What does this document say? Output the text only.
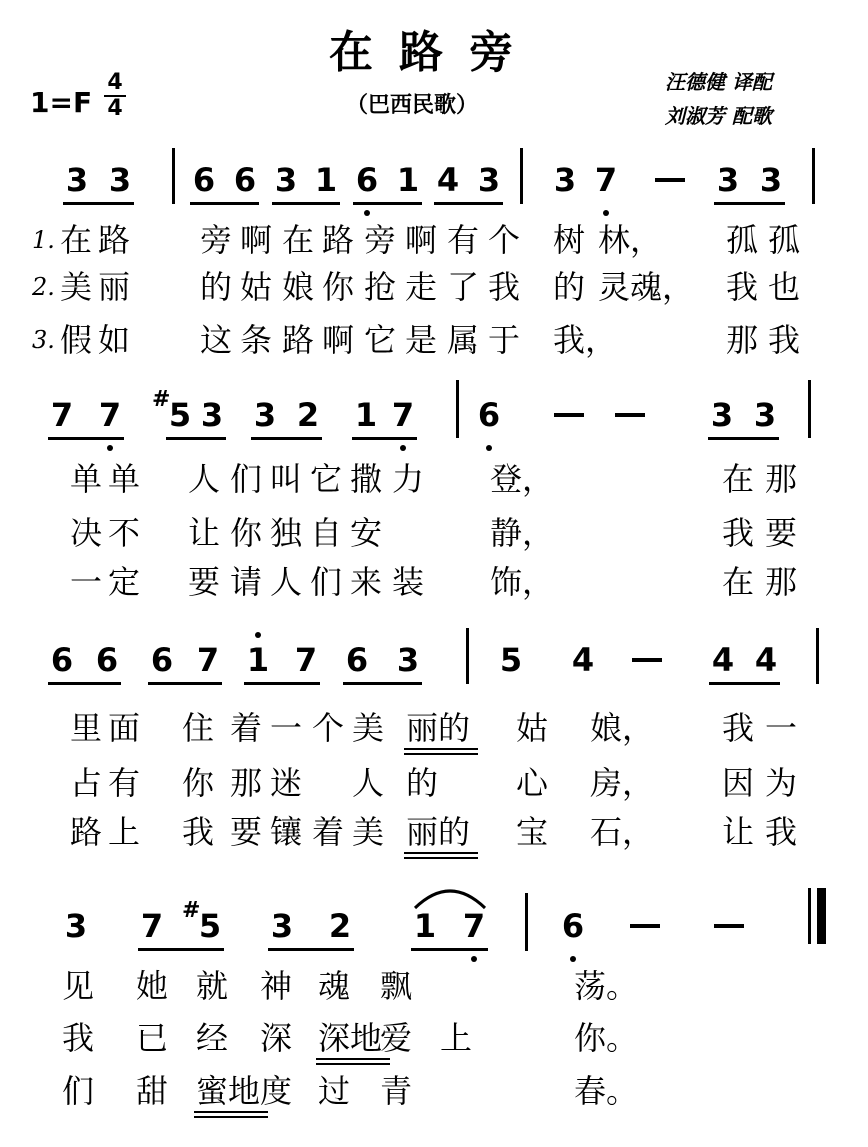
在路旁
1=F
4
4	（巴西民歌）
汪德健 译配
刘淑芳 配歌
3 3 6 6 3 1 6 1 4 3 3 7	3 3
在 路 旁 啊 在 路 旁 啊 有 个 树 林， 孤 孤
美 丽 的 姑 娘 你 抢 走 了 我 的 灵魂， 我 也
假 如 这 条 路 啊 它 是 属 于 我，	那 我
7 7 5 3 3 2 1 7 6	3 3
#
单 单 人 们 叫 它 撒 力 登，	在 那
决 不 让 你 独 自 安	静，	我 要
一 定 要 请 人 们 来 装 饰，	在 那
6 6 6 7 1 7 6 3	5 4	4 4
里 面 住 着 一 个 美 丽的 姑 娘， 我 一
占 有 你 那 迷 人 的 心 房， 因 为
路 上 我 要 镶 着 美 丽的 宝 石， 让 我
3 7 5 3 2 1 7 6
#
见 她 就 神 魂 飘	荡。
我 已 经 深 深地
爱 上	你。
们 甜 蜜地 度 过 青	春。
1.
2.
3.
